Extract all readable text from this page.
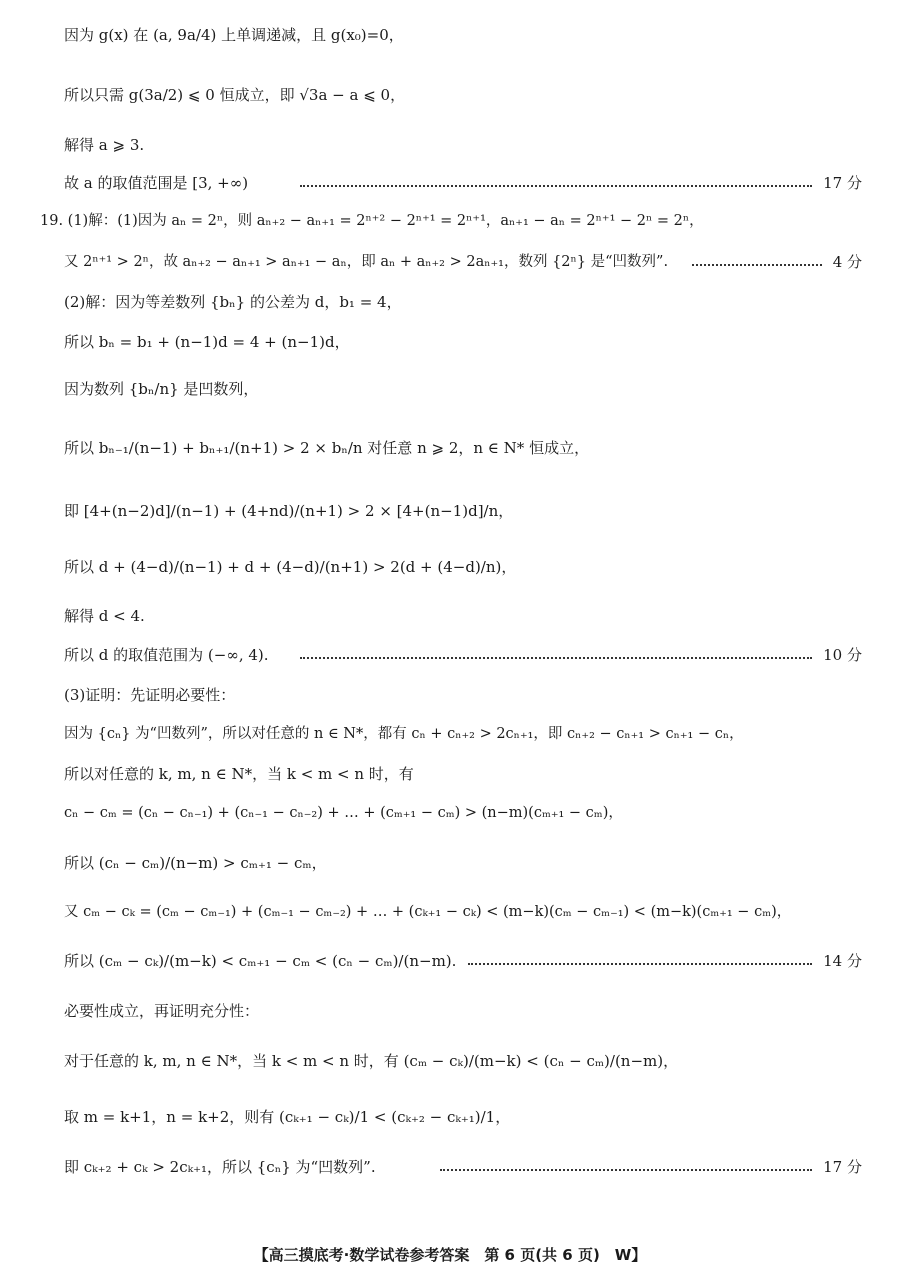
因为 g(x) 在 (a, 9a/4) 上单调递减，且 g(x₀)=0，
所以只需 g(3a/2) ⩽ 0 恒成立，即 √3a − a ⩽ 0，
解得 a ⩾ 3.
故 a 的取值范围是 [3, +∞)	17 分
19. (1)解：(1)因为 aₙ = 2ⁿ，则 aₙ₊₂ − aₙ₊₁ = 2ⁿ⁺² − 2ⁿ⁺¹ = 2ⁿ⁺¹，aₙ₊₁ − aₙ = 2ⁿ⁺¹ − 2ⁿ = 2ⁿ，
又 2ⁿ⁺¹ > 2ⁿ，故 aₙ₊₂ − aₙ₊₁ > aₙ₊₁ − aₙ，即 aₙ + aₙ₊₂ > 2aₙ₊₁，数列 {2ⁿ} 是“凹数列”.	4 分
(2)解：因为等差数列 {bₙ} 的公差为 d，b₁ = 4，
所以 bₙ = b₁ + (n−1)d = 4 + (n−1)d，
因为数列 {bₙ/n} 是凹数列，
所以 bₙ₋₁/(n−1) + bₙ₊₁/(n+1) > 2 × bₙ/n 对任意 n ⩾ 2，n ∈ N* 恒成立，
即 [4+(n−2)d]/(n−1) + (4+nd)/(n+1) > 2 × [4+(n−1)d]/n，
所以 d + (4−d)/(n−1) + d + (4−d)/(n+1) > 2(d + (4−d)/n)，
解得 d < 4.
所以 d 的取值范围为 (−∞, 4).	10 分
(3)证明：先证明必要性：
因为 {cₙ} 为“凹数列”，所以对任意的 n ∈ N*，都有 cₙ + cₙ₊₂ > 2cₙ₊₁，即 cₙ₊₂ − cₙ₊₁ > cₙ₊₁ − cₙ，
所以对任意的 k, m, n ∈ N*，当 k < m < n 时，有
cₙ − cₘ = (cₙ − cₙ₋₁) + (cₙ₋₁ − cₙ₋₂) + … + (cₘ₊₁ − cₘ) > (n−m)(cₘ₊₁ − cₘ)，
所以 (cₙ − cₘ)/(n−m) > cₘ₊₁ − cₘ，
又 cₘ − cₖ = (cₘ − cₘ₋₁) + (cₘ₋₁ − cₘ₋₂) + … + (cₖ₊₁ − cₖ) < (m−k)(cₘ − cₘ₋₁) < (m−k)(cₘ₊₁ − cₘ)，
所以 (cₘ − cₖ)/(m−k) < cₘ₊₁ − cₘ < (cₙ − cₘ)/(n−m).	14 分
必要性成立，再证明充分性：
对于任意的 k, m, n ∈ N*，当 k < m < n 时，有 (cₘ − cₖ)/(m−k) < (cₙ − cₘ)/(n−m)，
取 m = k+1，n = k+2，则有 (cₖ₊₁ − cₖ)/1 < (cₖ₊₂ − cₖ₊₁)/1，
即 cₖ₊₂ + cₖ > 2cₖ₊₁，所以 {cₙ} 为“凹数列”.	17 分
【高三摸底考·数学试卷参考答案　第 6 页(共 6 页)　W】
